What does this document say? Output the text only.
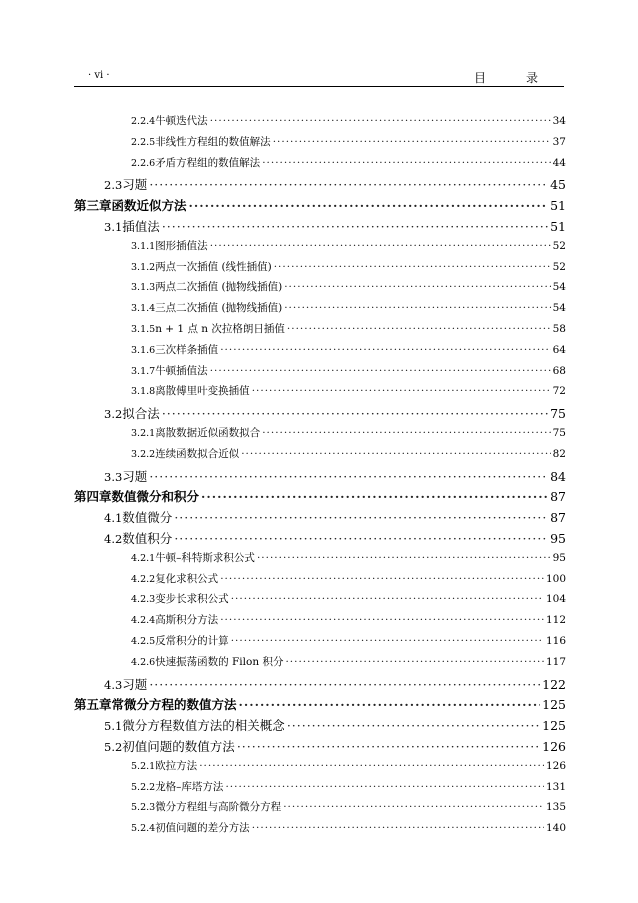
· vi ·	目　录
2.2.4 牛顿迭代法 ·····	34
2.2.5 非线性方程组的数值解法 ·····	37
2.2.6 矛盾方程组的数值解法 ·····	44
2.3 习题 ·····	45
第三章 函数近似方法 ·····	51
3.1 插值法 ·····	51
3.1.1 图形插值法 ·····	52
3.1.2 两点一次插值 (线性插值) ·····	52
3.1.3 两点二次插值 (抛物线插值) ·····	54
3.1.4 三点二次插值 (抛物线插值) ·····	54
3.1.5 n + 1 点 n 次拉格朗日插值 ·····	58
3.1.6 三次样条插值 ·····	64
3.1.7 牛顿插值法 ·····	68
3.1.8 离散傅里叶变换插值 ·····	72
3.2 拟合法 ·····	75
3.2.1 离散数据近似函数拟合 ·····	75
3.2.2 连续函数拟合近似 ·····	82
3.3 习题 ·····	84
第四章 数值微分和积分 ·····	87
4.1 数值微分 ·····	87
4.2 数值积分 ·····	95
4.2.1 牛顿–科特斯求积公式 ·····	95
4.2.2 复化求积公式 ·····	100
4.2.3 变步长求积公式 ·····	104
4.2.4 高斯积分方法 ·····	112
4.2.5 反常积分的计算 ·····	116
4.2.6 快速振荡函数的 Filon 积分 ·····	117
4.3 习题 ·····	122
第五章 常微分方程的数值方法 ·····	125
5.1 微分方程数值方法的相关概念 ·····	125
5.2 初值问题的数值方法 ·····	126
5.2.1 欧拉方法 ·····	126
5.2.2 龙格–库塔方法 ·····	131
5.2.3 微分方程组与高阶微分方程 ·····	135
5.2.4 初值问题的差分方法 ·····	140
